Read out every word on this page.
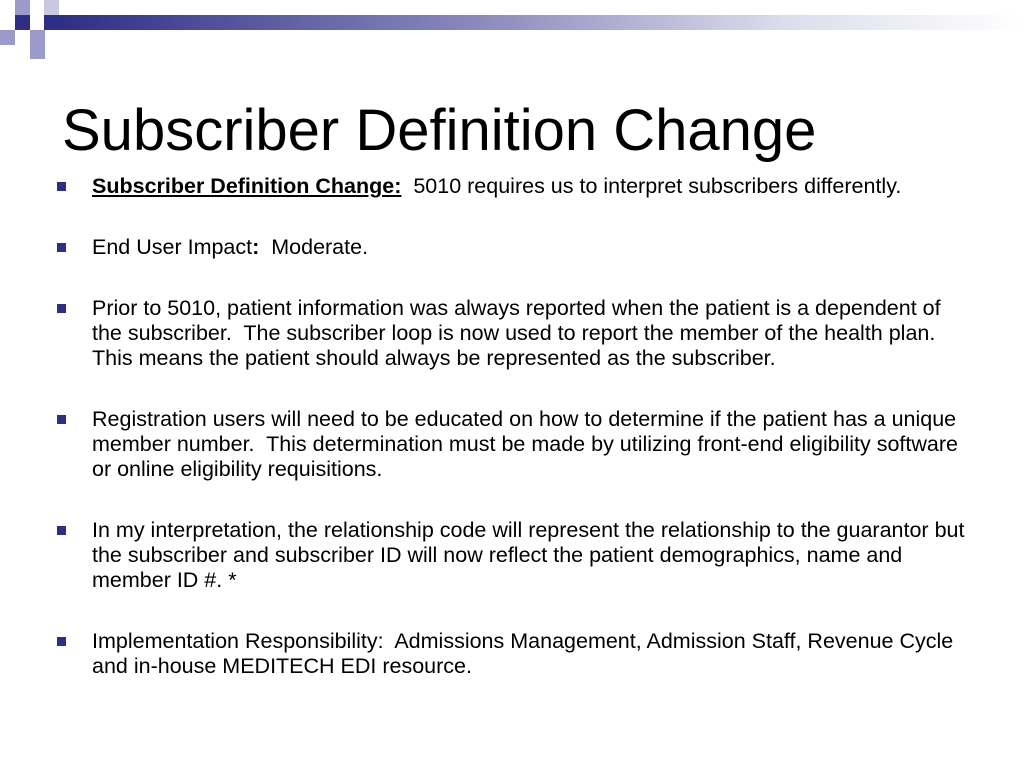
Subscriber Definition Change
Subscriber Definition Change:  5010 requires us to interpret subscribers differently.
End User Impact:  Moderate.
Prior to 5010, patient information was always reported when the patient is a dependent of the subscriber.  The subscriber loop is now used to report the member of the health plan.  This means the patient should always be represented as the subscriber.
Registration users will need to be educated on how to determine if the patient has a unique member number.  This determination must be made by utilizing front-end eligibility software or online eligibility requisitions.
In my interpretation, the relationship code will represent the relationship to the guarantor but the subscriber and subscriber ID will now reflect the patient demographics, name and member ID #. *
Implementation Responsibility:  Admissions Management, Admission Staff, Revenue Cycle and in-house MEDITECH EDI resource.
